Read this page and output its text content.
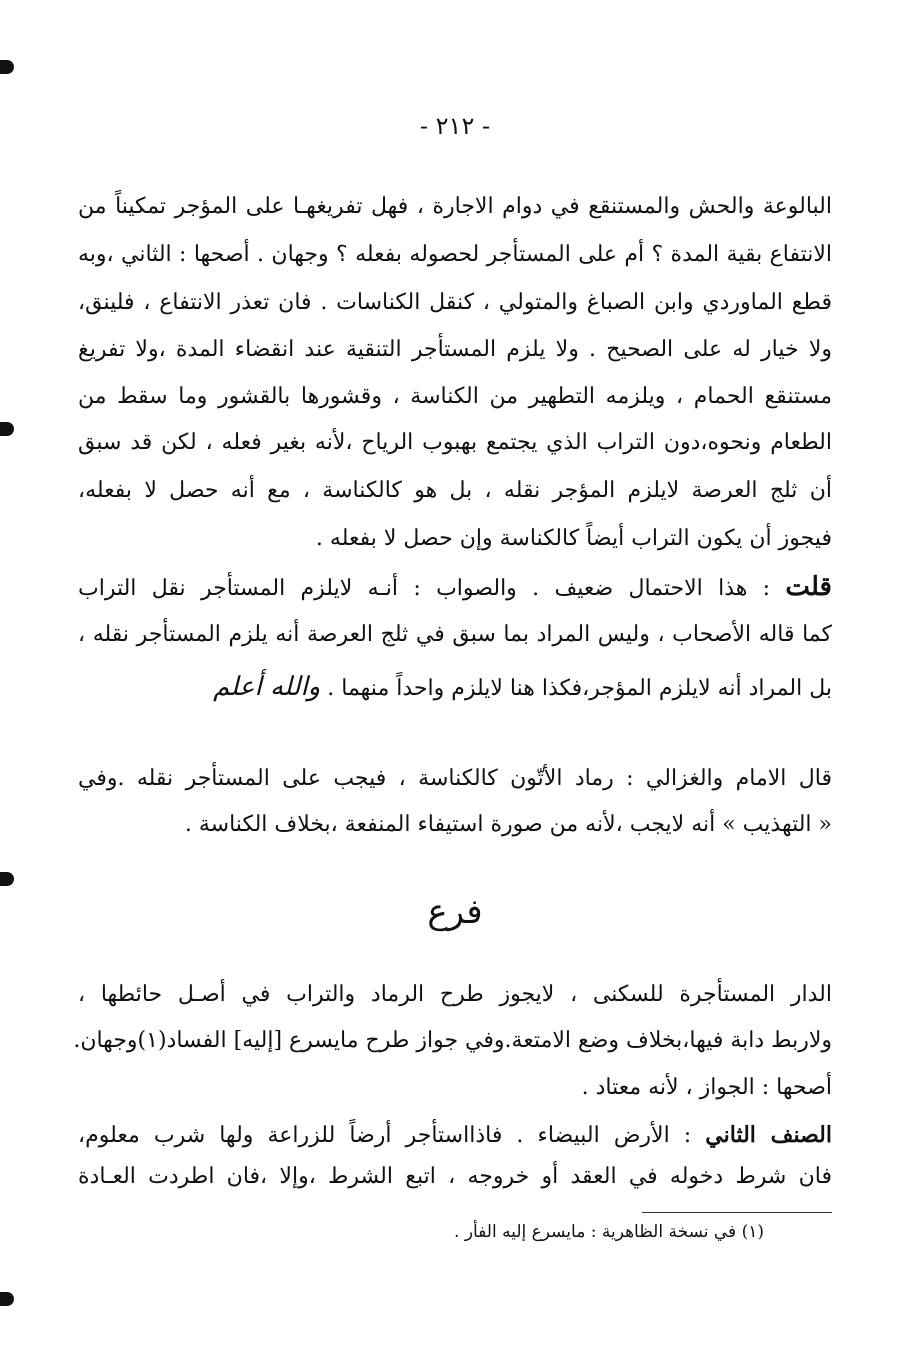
- ٢١٢ -

البالوعة والحش والمستنقع في دوام الاجارة ، فهل تفريغهـا على المؤجر تمكيناً من

الانتفاع بقية المدة ؟ أم على المستأجر لحصوله بفعله ؟ وجهان . أصحها : الثاني ،وبه

قطع الماوردي وابن الصباغ والمتولي ، كنقل الكناسات . فان تعذر الانتفاع ، فلينق،

ولا خيار له على الصحيح . ولا يلزم المستأجر التنقية عند انقضاء المدة ،ولا تفريغ

مستنقع الحمام ، ويلزمه التطهير من الكناسة ، وقشورها بالقشور وما سقط من

الطعام ونحوه،دون التراب الذي يجتمع بهبوب الرياح ،لأنه بغير فعله ، لكن قد سبق

أن ثلج العرصة لايلزم المؤجر نقله ، بل هو كالكناسة ، مع أنه حصل لا بفعله،

فيجوز أن يكون التراب أيضاً كالكناسة وإن حصل لا بفعله .

قلت : هذا الاحتمال ضعيف . والصواب : أنـه لايلزم المستأجر نقل التراب

كما قاله الأصحاب ، وليس المراد بما سبق في ثلج العرصة أنه يلزم المستأجر نقله ،

بل المراد أنه لايلزم المؤجر،فكذا هنا لايلزم واحداً منهما . والله أعلم

قال الامام والغزالي : رماد الأتّون كالكناسة ، فيجب على المستأجر نقله .وفي

« التهذيب » أنه لايجب ،لأنه من صورة استيفاء المنفعة ،بخلاف الكناسة .

فرع

الدار المستأجرة للسكنى ، لايجوز طرح الرماد والتراب في أصـل حائطها ،

ولاربط دابة فيها،بخلاف وضع الامتعة.وفي جواز طرح مايسرع [إليه] الفساد(١)وجهان.

أصحها : الجواز ، لأنه معتاد .

الصنف الثاني : الأرض البيضاء . فاذااستأجر أرضاً للزراعة ولها شرب معلوم،

فان شرط دخوله في العقد أو خروجه ، اتبع الشرط ،وإلا ،فان اطردت العـادة

(١) في نسخة الظاهرية : مايسرع إليه الفأر .
